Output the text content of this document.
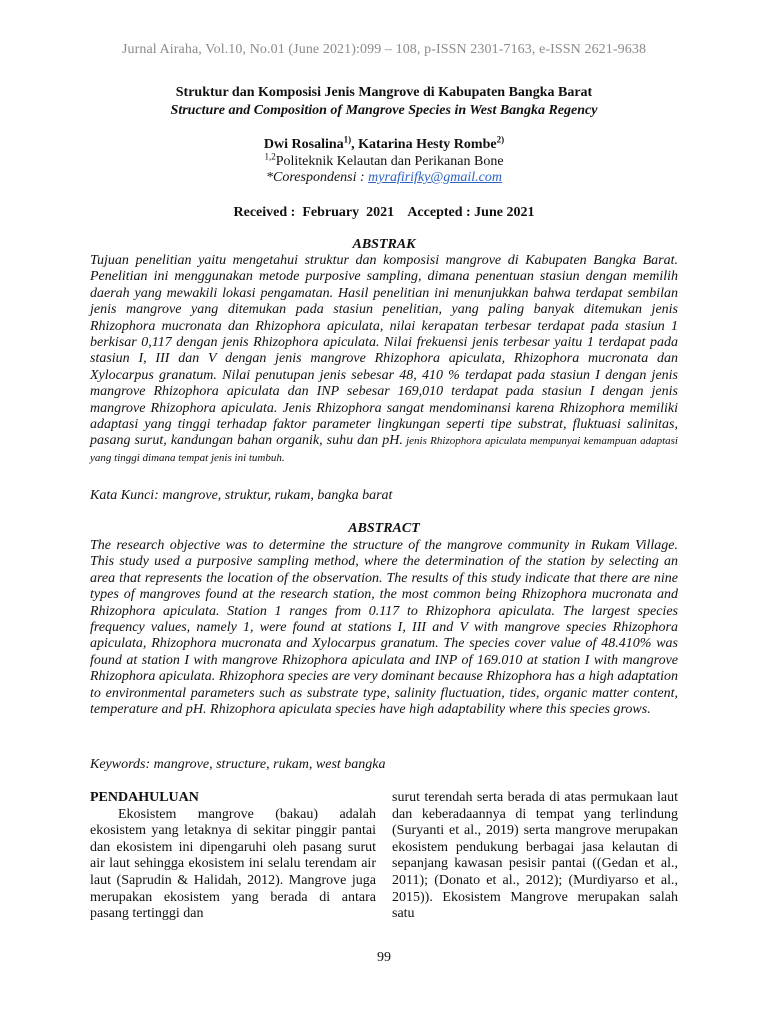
Jurnal Airaha, Vol.10, No.01 (June 2021):099 – 108, p-ISSN 2301-7163, e-ISSN 2621-9638
Struktur dan Komposisi Jenis Mangrove di Kabupaten Bangka Barat
Structure and Composition of Mangrove Species in West Bangka Regency
Dwi Rosalina$^{1)}$, Katarina Hesty Rombe$^{2)}$
$^{1,2}$Politeknik Kelautan dan Perikanan Bone
*Corespondensi : myrafirifky@gmail.com
Received :  February  2021    Accepted : June 2021
ABSTRAK
Tujuan penelitian yaitu mengetahui struktur dan komposisi mangrove di Kabupaten Bangka Barat. Penelitian ini menggunakan metode purposive sampling, dimana penentuan stasiun dengan memilih daerah yang mewakili lokasi pengamatan. Hasil penelitian ini menunjukkan bahwa terdapat sembilan jenis mangrove yang ditemukan pada stasiun penelitian, yang paling banyak ditemukan jenis Rhizophora mucronata dan Rhizophora apiculata, nilai kerapatan terbesar terdapat pada stasiun 1 berkisar 0,117 dengan jenis Rhizophora apiculata. Nilai frekuensi jenis terbesar yaitu 1 terdapat pada stasiun I, III dan V dengan jenis mangrove Rhizophora apiculata, Rhizophora mucronata dan Xylocarpus granatum. Nilai penutupan jenis sebesar 48, 410 % terdapat pada stasiun I dengan jenis mangrove Rhizophora apiculata dan INP sebesar 169,010 terdapat pada stasiun I dengan jenis mangrove Rhizophora apiculata. Jenis Rhizophora sangat mendominansi karena Rhizophora memiliki adaptasi yang tinggi terhadap faktor parameter lingkungan seperti tipe substrat, fluktuasi salinitas, pasang surut, kandungan bahan organik, suhu dan pH. jenis Rhizophora apiculata mempunyai kemampuan adaptasi yang tinggi dimana tempat jenis ini tumbuh.
Kata Kunci: mangrove, struktur, rukam, bangka barat
ABSTRACT
The research objective was to determine the structure of the mangrove community in Rukam Village. This study used a purposive sampling method, where the determination of the station by selecting an area that represents the location of the observation. The results of this study indicate that there are nine types of mangroves found at the research station, the most common being Rhizophora mucronata and Rhizophora apiculata. Station 1 ranges from 0.117 to Rhizophora apiculata. The largest species frequency values, namely 1, were found at stations I, III and V with mangrove species Rhizophora apiculata, Rhizophora mucronata and Xylocarpus granatum. The species cover value of 48.410% was found at station I with mangrove Rhizophora apiculata and INP of 169.010 at station I with mangrove Rhizophora apiculata. Rhizophora species are very dominant because Rhizophora has a high adaptation to environmental parameters such as substrate type, salinity fluctuation, tides, organic matter content, temperature and pH. Rhizophora apiculata species have high adaptability where this species grows.
Keywords: mangrove, structure, rukam, west bangka
PENDAHULUAN
Ekosistem mangrove (bakau) adalah ekosistem yang letaknya di sekitar pinggir pantai dan ekosistem ini dipengaruhi oleh pasang surut air laut sehingga ekosistem ini selalu terendam air laut (Saprudin & Halidah, 2012). Mangrove juga merupakan ekosistem yang berada di antara pasang tertinggi dan
surut terendah serta berada di atas permukaan laut dan keberadaannya di tempat yang terlindung (Suryanti et al., 2019) serta mangrove merupakan ekosistem pendukung berbagai jasa kelautan di sepanjang kawasan pesisir pantai ((Gedan et al., 2011); (Donato et al., 2012); (Murdiyarso et al., 2015)). Ekosistem Mangrove merupakan salah satu
99
